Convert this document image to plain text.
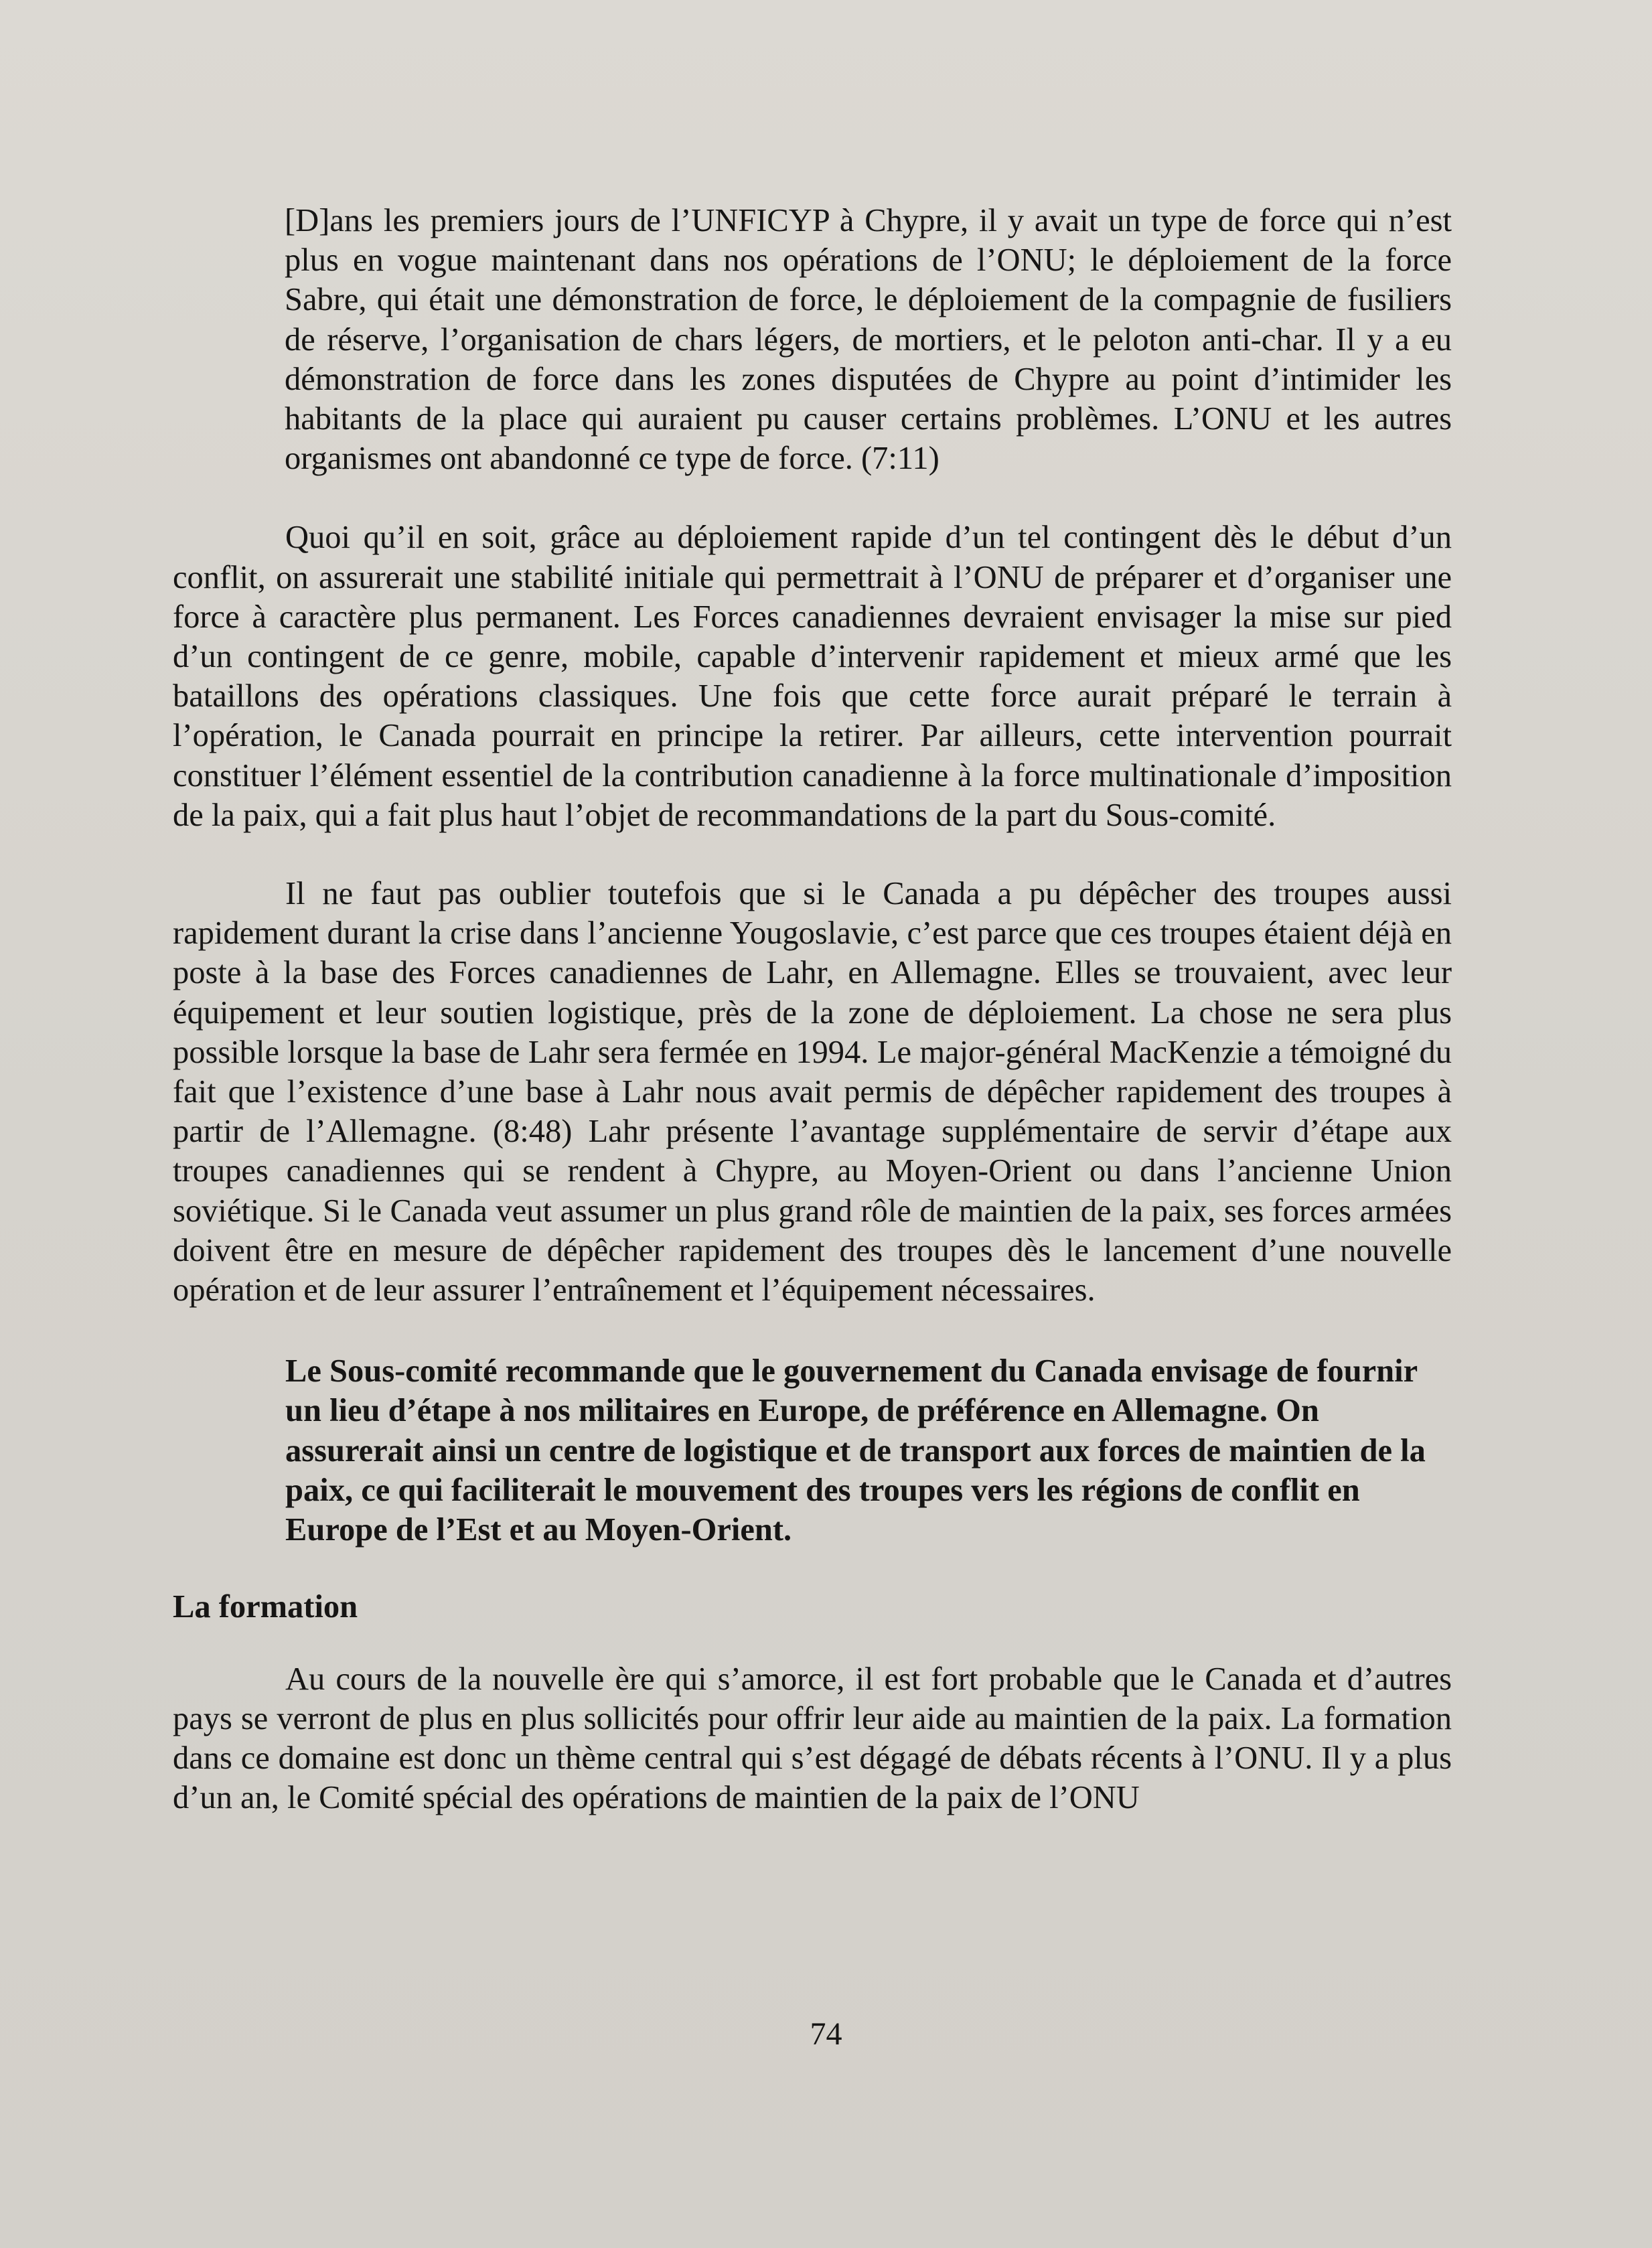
[D]ans les premiers jours de l’UNFICYP à Chypre, il y avait un type de force qui n’est plus en vogue maintenant dans nos opérations de l’ONU; le déploiement de la force Sabre, qui était une démonstration de force, le déploiement de la compagnie de fusiliers de réserve, l’organisation de chars légers, de mortiers, et le peloton anti-char. Il y a eu démonstration de force dans les zones disputées de Chypre au point d’intimider les habitants de la place qui auraient pu causer certains problèmes. L’ONU et les autres organismes ont abandonné ce type de force. (7:11)

Quoi qu’il en soit, grâce au déploiement rapide d’un tel contingent dès le début d’un conflit, on assurerait une stabilité initiale qui permettrait à l’ONU de préparer et d’organiser une force à caractère plus permanent. Les Forces canadiennes devraient envisager la mise sur pied d’un contingent de ce genre, mobile, capable d’intervenir rapidement et mieux armé que les bataillons des opérations classiques. Une fois que cette force aurait préparé le terrain à l’opération, le Canada pourrait en principe la retirer. Par ailleurs, cette intervention pourrait constituer l’élément essentiel de la contribution canadienne à la force multinationale d’imposition de la paix, qui a fait plus haut l’objet de recommandations de la part du Sous-comité.

Il ne faut pas oublier toutefois que si le Canada a pu dépêcher des troupes aussi rapidement durant la crise dans l’ancienne Yougoslavie, c’est parce que ces troupes étaient déjà en poste à la base des Forces canadiennes de Lahr, en Allemagne. Elles se trouvaient, avec leur équipement et leur soutien logistique, près de la zone de déploiement. La chose ne sera plus possible lorsque la base de Lahr sera fermée en 1994. Le major-général MacKenzie a témoigné du fait que l’existence d’une base à Lahr nous avait permis de dépêcher rapidement des troupes à partir de l’Allemagne. (8:48) Lahr présente l’avantage supplémentaire de servir d’étape aux troupes canadiennes qui se rendent à Chypre, au Moyen-Orient ou dans l’ancienne Union soviétique. Si le Canada veut assumer un plus grand rôle de maintien de la paix, ses forces armées doivent être en mesure de dépêcher rapidement des troupes dès le lancement d’une nouvelle opération et de leur assurer l’entraînement et l’équipement nécessaires.

Le Sous-comité recommande que le gouvernement du Canada envisage de fournir un lieu d’étape à nos militaires en Europe, de préférence en Allemagne. On assurerait ainsi un centre de logistique et de transport aux forces de maintien de la paix, ce qui faciliterait le mouvement des troupes vers les régions de conflit en Europe de l’Est et au Moyen-Orient.

La formation

Au cours de la nouvelle ère qui s’amorce, il est fort probable que le Canada et d’autres pays se verront de plus en plus sollicités pour offrir leur aide au maintien de la paix. La formation dans ce domaine est donc un thème central qui s’est dégagé de débats récents à l’ONU. Il y a plus d’un an, le Comité spécial des opérations de maintien de la paix de l’ONU

74
